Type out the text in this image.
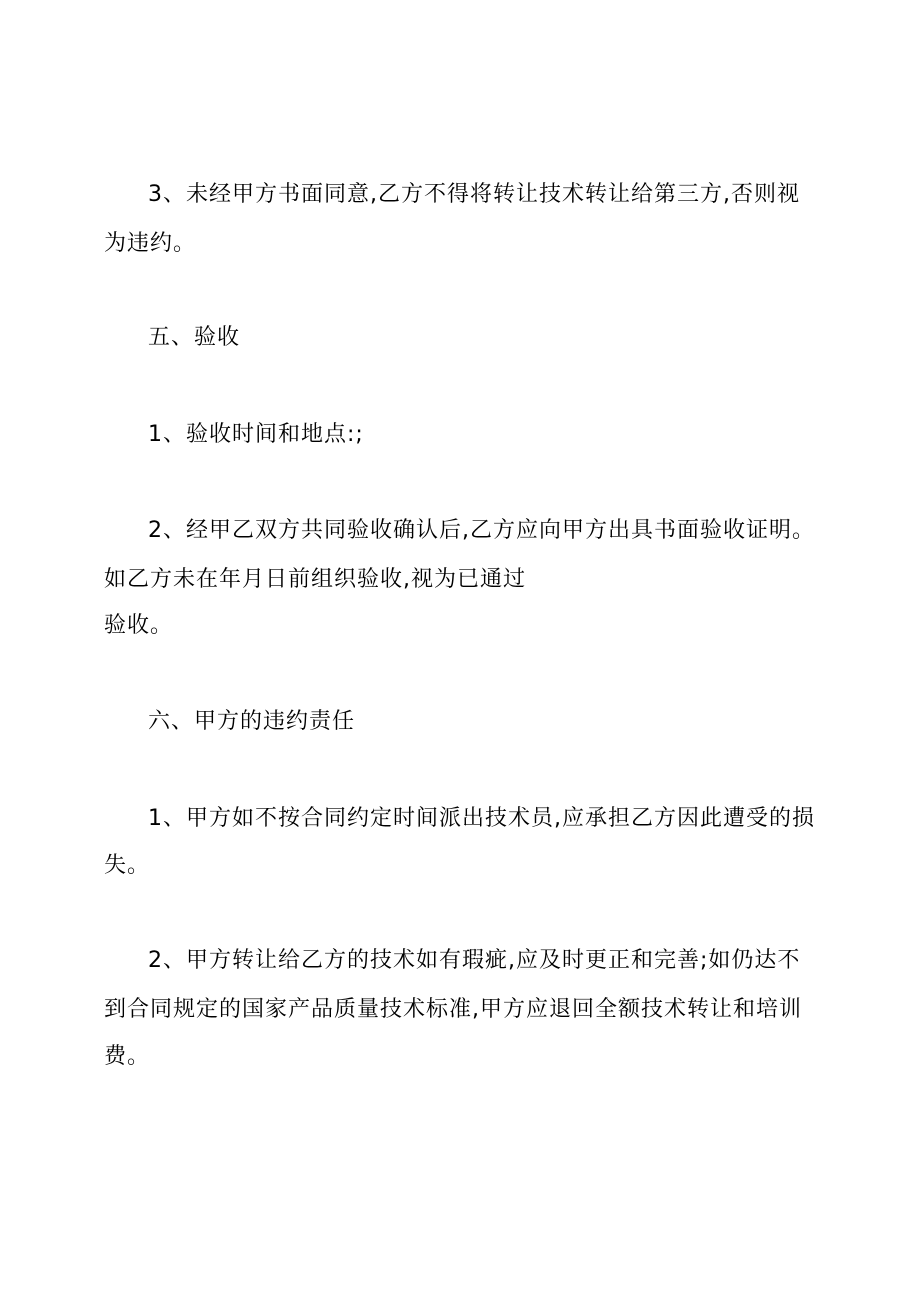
3、未经甲方书面同意,乙方不得将转让技术转让给第三方,否则视
为违约。
五、验收
1、验收时间和地点:;
2、经甲乙双方共同验收确认后,乙方应向甲方出具书面验收证明。
如乙方未在年月日前组织验收,视为已通过
验收。
六、甲方的违约责任
1、甲方如不按合同约定时间派出技术员,应承担乙方因此遭受的损
失。
2、甲方转让给乙方的技术如有瑕疵,应及时更正和完善;如仍达不
到合同规定的国家产品质量技术标准,甲方应退回全额技术转让和培训
费。
